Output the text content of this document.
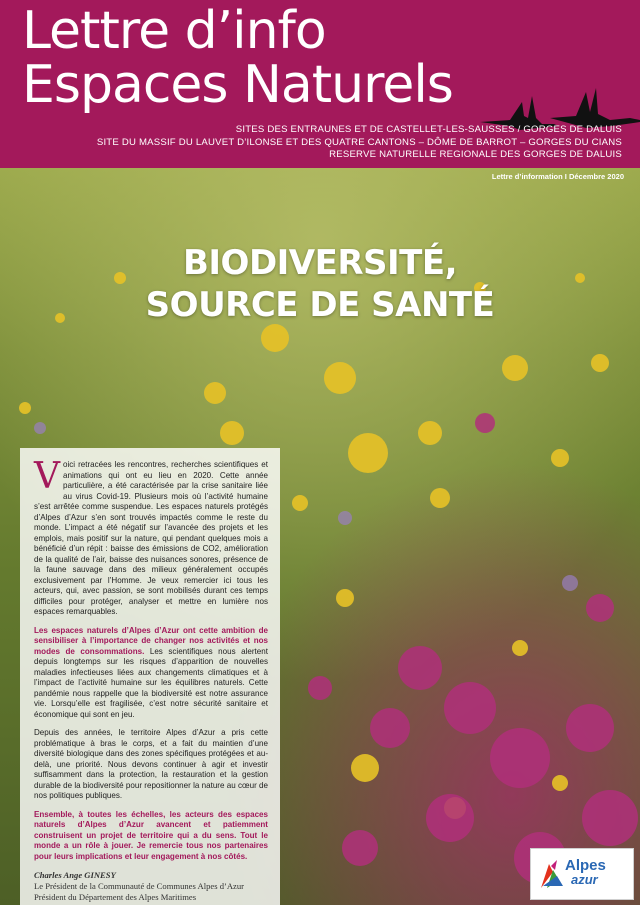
Lettre d’info
Espaces Naturels
SITES DES ENTRAUNES ET DE CASTELLET-LES-SAUSSES / GORGES DE DALUIS
SITE DU MASSIF DU LAUVET D’ILONSE ET DES QUATRE CANTONS – DÔME DE BARROT – GORGES DU CIANS
RESERVE NATURELLE REGIONALE DES GORGES DE DALUIS
Lettre d’information I Décembre 2020
BIODIVERSITÉ,
SOURCE DE SANTÉ

Voici retracées les rencontres, recherches scientifiques et animations qui ont eu lieu en 2020. Cette année particulière, a été caractérisée par la crise sanitaire liée au virus Covid-19. Plusieurs mois où l’activité humaine s’est arrêtée comme suspendue. Les espaces naturels protégés d’Alpes d’Azur s’en sont trouvés impactés comme le reste du monde. L’impact a été négatif sur l’avancée des projets et les emplois, mais positif sur la nature, qui pendant quelques mois a bénéficié d’un répit : baisse des émissions de CO2, amélioration de la qualité de l’air, baisse des nuisances sonores, présence de la faune sauvage dans des milieux généralement occupés exclusivement par l’Homme. Je veux remercier ici tous les acteurs, qui, avec passion, se sont mobilisés durant ces temps difficiles pour protéger, analyser et mettre en lumière nos espaces remarquables.

Les espaces naturels d’Alpes d’Azur ont cette ambition de sensibiliser à l’importance de changer nos activités et nos modes de consommations. Les scientifiques nous alertent depuis longtemps sur les risques d’apparition de nouvelles maladies infectieuses liées aux changements climatiques et à l’impact de l’activité humaine sur les équilibres naturels. Cette pandémie nous rappelle que la biodiversité est notre assurance vie. Lorsqu’elle est fragilisée, c’est notre sécurité sanitaire et économique qui sont en jeu.

Depuis des années, le territoire Alpes d’Azur a pris cette problématique à bras le corps, et a fait du maintien d’une diversité biologique dans des zones spécifiques protégées et au-delà, une priorité. Nous devons continuer à agir et investir suffisamment dans la protection, la restauration et la gestion durable de la biodiversité pour repositionner la nature au cœur de nos politiques publiques.

Ensemble, à toutes les échelles, les acteurs des espaces naturels d’Alpes d’Azur avancent et patiemment construisent un projet de territoire qui a du sens. Tout le monde a un rôle à jouer. Je remercie tous nos partenaires pour leurs implications et leur engagement à nos côtés.

Charles Ange GINESY
Le Président de la Communauté de Communes Alpes d’Azur
Président du Département des Alpes Maritimes
Alpes
azur
